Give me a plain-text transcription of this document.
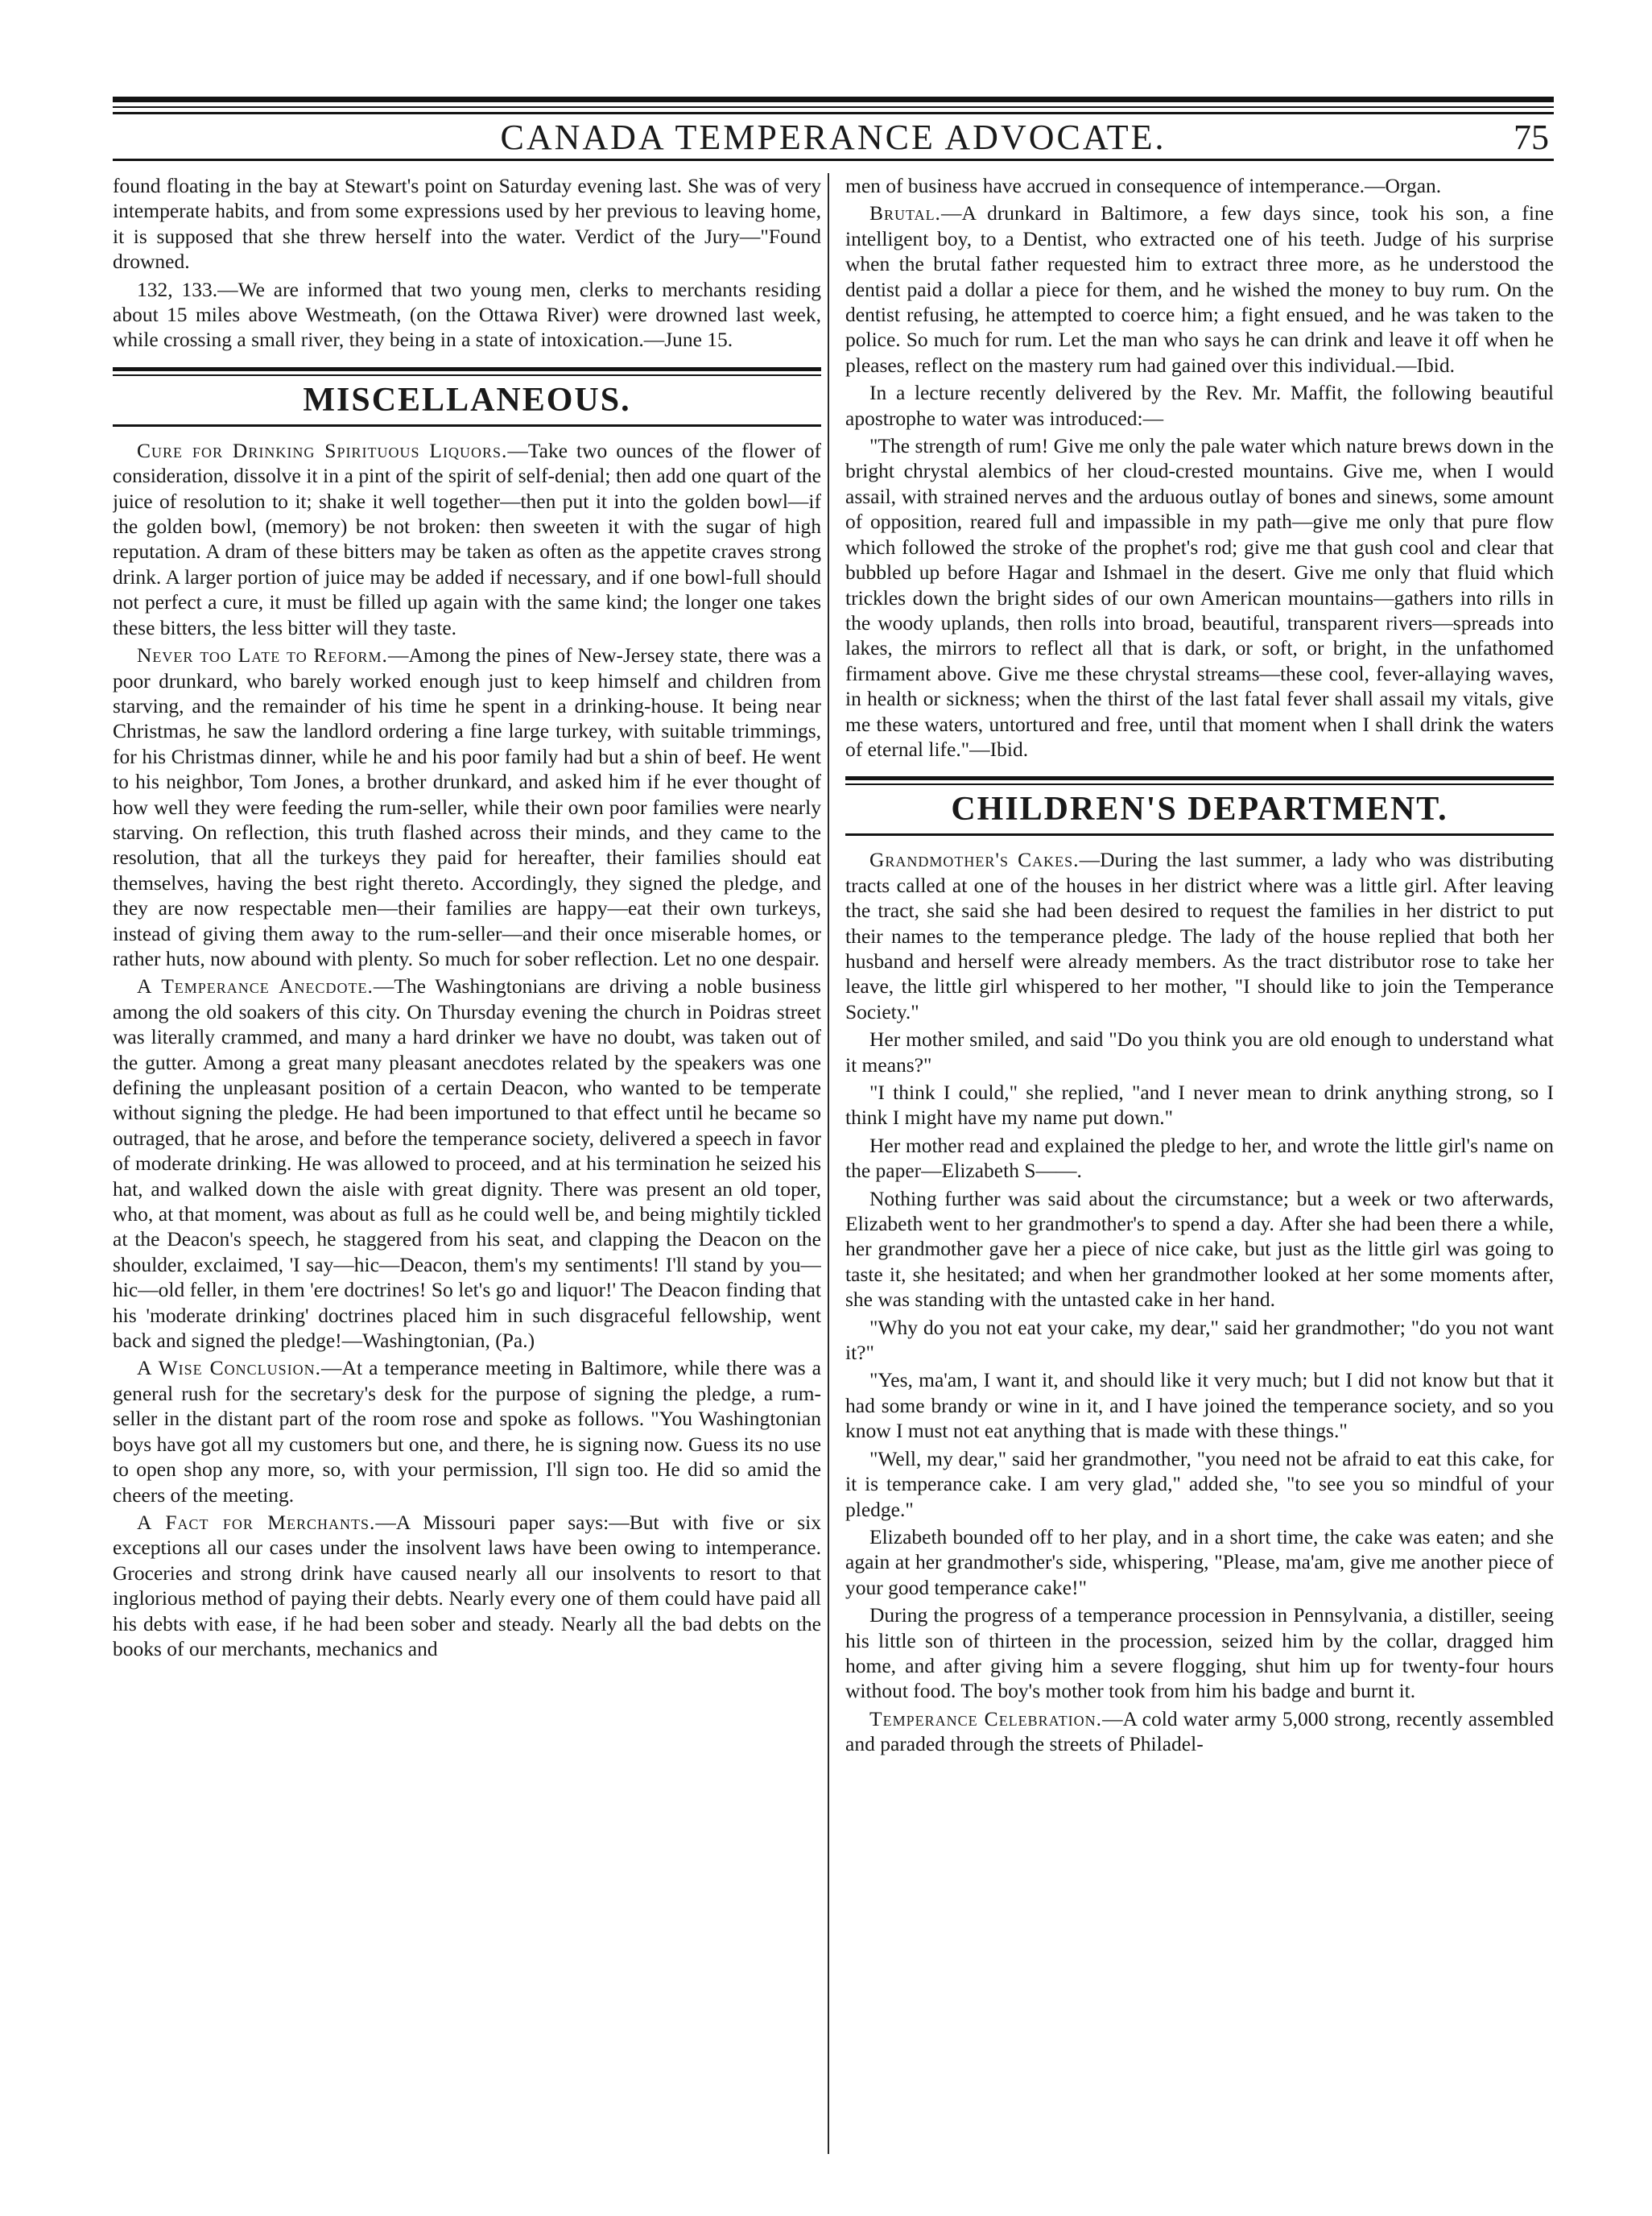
CANADA TEMPERANCE ADVOCATE.	75

found floating in the bay at Stewart's point on Saturday evening last. She was of very intemperate habits, and from some expressions used by her previous to leaving home, it is supposed that she threw herself into the water. Verdict of the Jury—"Found drowned.

132, 133.—We are informed that two young men, clerks to merchants residing about 15 miles above Westmeath, (on the Ottawa River) were drowned last week, while crossing a small river, they being in a state of intoxication.—June 15.

MISCELLANEOUS.

Cure for Drinking Spirituous Liquors.—Take two ounces of the flower of consideration, dissolve it in a pint of the spirit of self-denial; then add one quart of the juice of resolution to it; shake it well together—then put it into the golden bowl—if the golden bowl, (memory) be not broken: then sweeten it with the sugar of high reputation. A dram of these bitters may be taken as often as the appetite craves strong drink. A larger portion of juice may be added if necessary, and if one bowl-full should not perfect a cure, it must be filled up again with the same kind; the longer one takes these bitters, the less bitter will they taste.

Never too Late to Reform.—Among the pines of New-Jersey state, there was a poor drunkard, who barely worked enough just to keep himself and children from starving, and the remainder of his time he spent in a drinking-house. It being near Christmas, he saw the landlord ordering a fine large turkey, with suitable trimmings, for his Christmas dinner, while he and his poor family had but a shin of beef. He went to his neighbor, Tom Jones, a brother drunkard, and asked him if he ever thought of how well they were feeding the rum-seller, while their own poor families were nearly starving. On reflection, this truth flashed across their minds, and they came to the resolution, that all the turkeys they paid for hereafter, their families should eat themselves, having the best right thereto. Accordingly, they signed the pledge, and they are now respectable men—their families are happy—eat their own turkeys, instead of giving them away to the rum-seller—and their once miserable homes, or rather huts, now abound with plenty. So much for sober reflection. Let no one despair.

A Temperance Anecdote.—The Washingtonians are driving a noble business among the old soakers of this city. On Thursday evening the church in Poidras street was literally crammed, and many a hard drinker we have no doubt, was taken out of the gutter. Among a great many pleasant anecdotes related by the speakers was one defining the unpleasant position of a certain Deacon, who wanted to be temperate without signing the pledge. He had been importuned to that effect until he became so outraged, that he arose, and before the temperance society, delivered a speech in favor of moderate drinking. He was allowed to proceed, and at his termination he seized his hat, and walked down the aisle with great dignity. There was present an old toper, who, at that moment, was about as full as he could well be, and being mightily tickled at the Deacon's speech, he staggered from his seat, and clapping the Deacon on the shoulder, exclaimed, 'I say—hic—Deacon, them's my sentiments! I'll stand by you—hic—old feller, in them 'ere doctrines! So let's go and liquor!' The Deacon finding that his 'moderate drinking' doctrines placed him in such disgraceful fellowship, went back and signed the pledge!—Washingtonian, (Pa.)

A Wise Conclusion.—At a temperance meeting in Baltimore, while there was a general rush for the secretary's desk for the purpose of signing the pledge, a rum-seller in the distant part of the room rose and spoke as follows. "You Washingtonian boys have got all my customers but one, and there, he is signing now. Guess its no use to open shop any more, so, with your permission, I'll sign too. He did so amid the cheers of the meeting.

A Fact for Merchants.—A Missouri paper says:—But with five or six exceptions all our cases under the insolvent laws have been owing to intemperance. Groceries and strong drink have caused nearly all our insolvents to resort to that inglorious method of paying their debts. Nearly every one of them could have paid all his debts with ease, if he had been sober and steady. Nearly all the bad debts on the books of our merchants, mechanics and

men of business have accrued in consequence of intemperance.—Organ.

Brutal.—A drunkard in Baltimore, a few days since, took his son, a fine intelligent boy, to a Dentist, who extracted one of his teeth. Judge of his surprise when the brutal father requested him to extract three more, as he understood the dentist paid a dollar a piece for them, and he wished the money to buy rum. On the dentist refusing, he attempted to coerce him; a fight ensued, and he was taken to the police. So much for rum. Let the man who says he can drink and leave it off when he pleases, reflect on the mastery rum had gained over this individual.—Ibid.

In a lecture recently delivered by the Rev. Mr. Maffit, the following beautiful apostrophe to water was introduced:—

"The strength of rum! Give me only the pale water which nature brews down in the bright chrystal alembics of her cloud-crested mountains. Give me, when I would assail, with strained nerves and the arduous outlay of bones and sinews, some amount of opposition, reared full and impassible in my path—give me only that pure flow which followed the stroke of the prophet's rod; give me that gush cool and clear that bubbled up before Hagar and Ishmael in the desert. Give me only that fluid which trickles down the bright sides of our own American mountains—gathers into rills in the woody uplands, then rolls into broad, beautiful, transparent rivers—spreads into lakes, the mirrors to reflect all that is dark, or soft, or bright, in the unfathomed firmament above. Give me these chrystal streams—these cool, fever-allaying waves, in health or sickness; when the thirst of the last fatal fever shall assail my vitals, give me these waters, untortured and free, until that moment when I shall drink the waters of eternal life."—Ibid.

CHILDREN'S DEPARTMENT.

Grandmother's Cakes.—During the last summer, a lady who was distributing tracts called at one of the houses in her district where was a little girl. After leaving the tract, she said she had been desired to request the families in her district to put their names to the temperance pledge. The lady of the house replied that both her husband and herself were already members. As the tract distributor rose to take her leave, the little girl whispered to her mother, "I should like to join the Temperance Society."

Her mother smiled, and said "Do you think you are old enough to understand what it means?"

"I think I could," she replied, "and I never mean to drink anything strong, so I think I might have my name put down."

Her mother read and explained the pledge to her, and wrote the little girl's name on the paper—Elizabeth S——.

Nothing further was said about the circumstance; but a week or two afterwards, Elizabeth went to her grandmother's to spend a day. After she had been there a while, her grandmother gave her a piece of nice cake, but just as the little girl was going to taste it, she hesitated; and when her grandmother looked at her some moments after, she was standing with the untasted cake in her hand.

"Why do you not eat your cake, my dear," said her grandmother; "do you not want it?"

"Yes, ma'am, I want it, and should like it very much; but I did not know but that it had some brandy or wine in it, and I have joined the temperance society, and so you know I must not eat anything that is made with these things."

"Well, my dear," said her grandmother, "you need not be afraid to eat this cake, for it is temperance cake. I am very glad," added she, "to see you so mindful of your pledge."

Elizabeth bounded off to her play, and in a short time, the cake was eaten; and she again at her grandmother's side, whispering, "Please, ma'am, give me another piece of your good temperance cake!"

During the progress of a temperance procession in Pennsylvania, a distiller, seeing his little son of thirteen in the procession, seized him by the collar, dragged him home, and after giving him a severe flogging, shut him up for twenty-four hours without food. The boy's mother took from him his badge and burnt it.

Temperance Celebration.—A cold water army 5,000 strong, recently assembled and paraded through the streets of Philadel-
